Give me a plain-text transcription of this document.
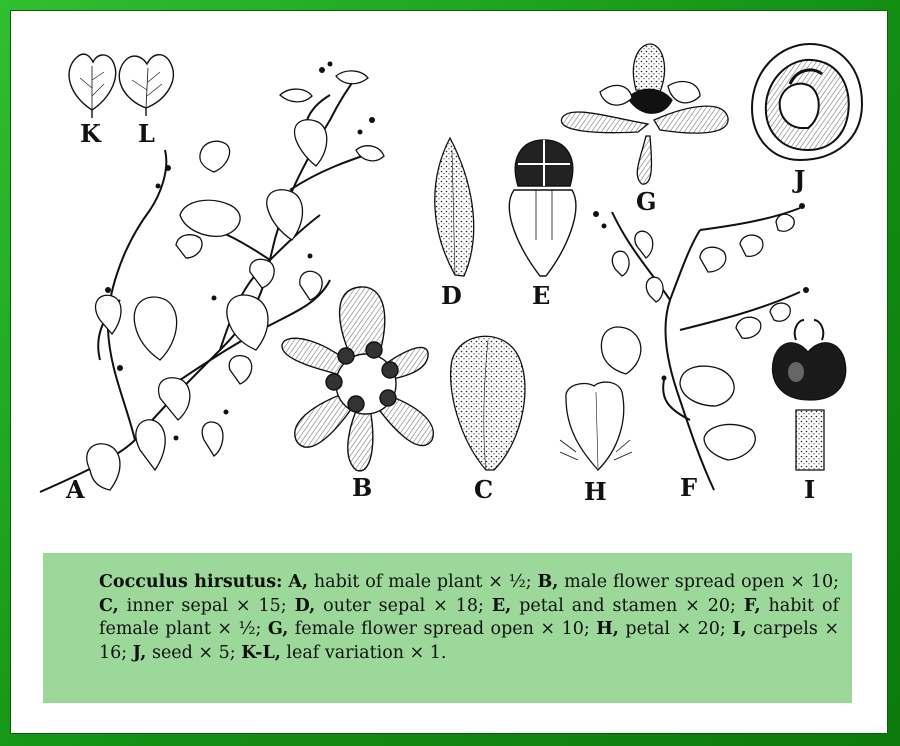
A	B	C
D	E
F
G
H	I
J
K L
Cocculus hirsutus: A, habit of male plant × ½; B, male flower spread open × 10; C, inner sepal × 15; D, outer sepal × 18; E, petal and stamen × 20; F, habit of female plant × ½; G, female flower spread open × 10; H, petal × 20; I, carpels × 16; J, seed × 5; K-L, leaf variation × 1.
